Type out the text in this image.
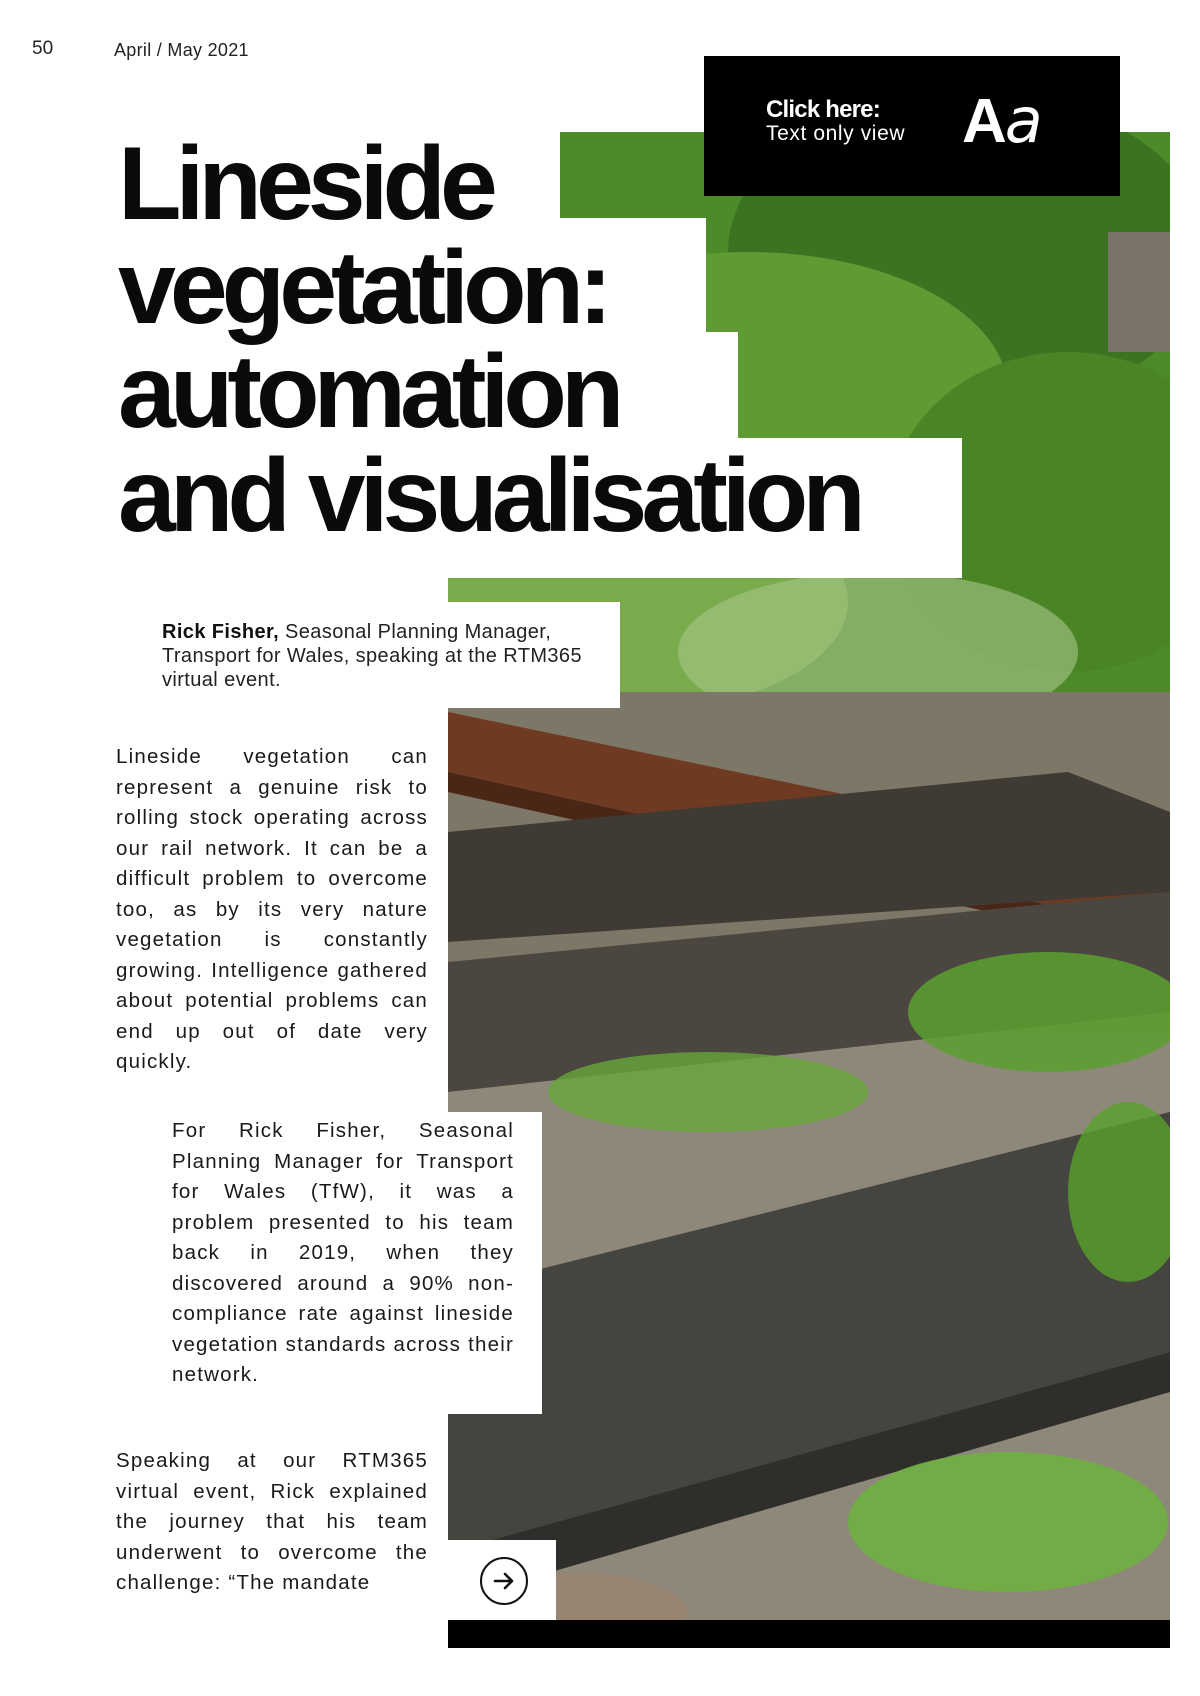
50	April / May 2021
Lineside
vegetation:
automation
and visualisation
Click here:
Text only view Aa

Rick Fisher, Seasonal Planning Manager, Transport for Wales, speaking at the RTM365 virtual event.

Lineside vegetation can represent a genuine risk to rolling stock operating across our rail network. It can be a difficult problem to overcome too, as by its very nature vegetation is constantly growing. Intelligence gathered about potential problems can end up out of date very quickly.

For Rick Fisher, Seasonal Planning Manager for Transport for Wales (TfW), it was a problem presented to his team back in 2019, when they discovered around a 90% non-compliance rate against lineside vegetation standards across their network.

Speaking at our RTM365 virtual event, Rick explained the journey that his team underwent to overcome the challenge: “The mandate
